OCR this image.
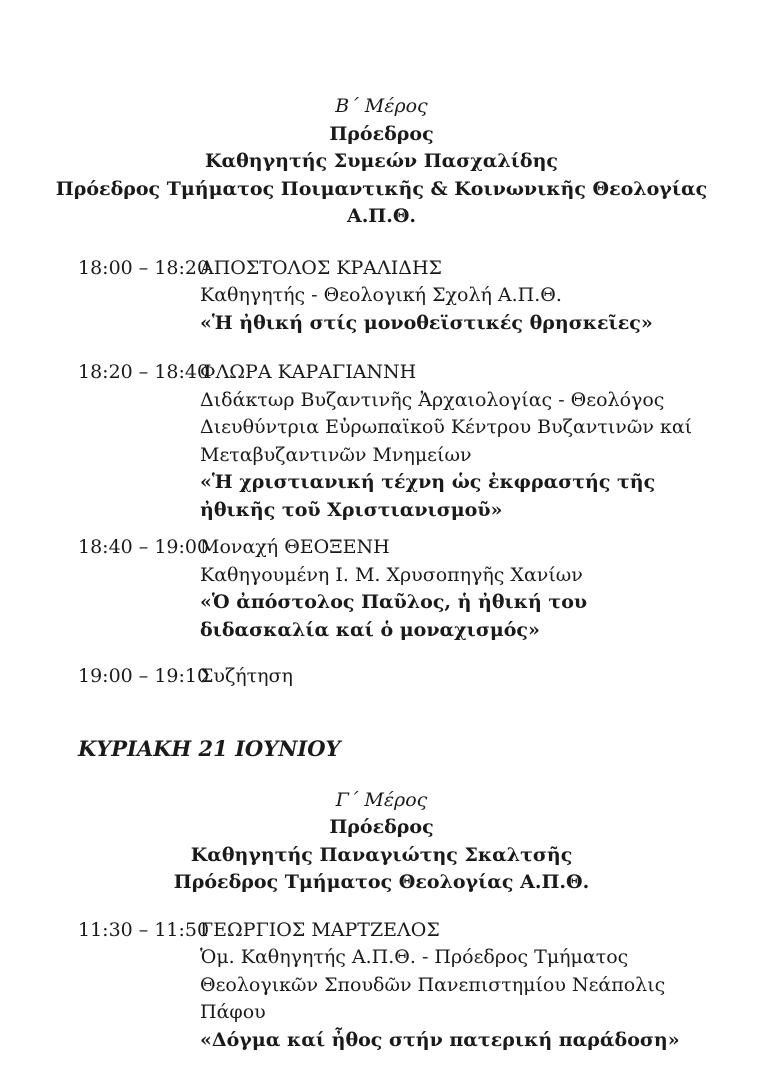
Β΄ Μέρος
Πρόεδρος
Καθηγητής Συμεών Πασχαλίδης
Πρόεδρος Τμήματος Ποιμαντικῆς & Κοινωνικῆς Θεολογίας Α.Π.Θ.
18:00 – 18:20
ΑΠΟΣΤΟΛΟΣ ΚΡΑΛΙΔΗΣ
Καθηγητής - Θεολογική Σχολή Α.Π.Θ.
«Ἡ ἠθική στίς μονοθεϊστικές θρησκεῖες»
18:20 – 18:40
ΦΛΩΡΑ ΚΑΡΑΓΙΑΝΝΗ
Διδάκτωρ Βυζαντινῆς Ἀρχαιολογίας - Θεολόγος
Διευθύντρια Εὐρωπαϊκοῦ Κέντρου Βυζαντινῶν καί
Μεταβυζαντινῶν Μνημείων
«Ἡ χριστιανική τέχνη ὡς ἐκφραστής τῆς ἠθικῆς τοῦ Χριστιανισμοῦ»
18:40 – 19:00
Μοναχή ΘΕΟΞΕΝΗ
Καθηγουμένη Ι. Μ. Χρυσοπηγῆς Χανίων
«Ὁ ἀπόστολος Παῦλος, ἡ ἠθική του διδασκαλία καί ὁ μοναχισμός»
19:00 – 19:10
Συζήτηση
ΚΥΡΙΑΚΗ 21 ΙΟΥΝΙΟΥ
Γ΄ Μέρος
Πρόεδρος
Καθηγητής Παναγιώτης Σκαλτσῆς
Πρόεδρος Τμήματος Θεολογίας Α.Π.Θ.
11:30 – 11:50
ΓΕΩΡΓΙΟΣ ΜΑΡΤΖΕΛΟΣ
Ὁμ. Καθηγητής Α.Π.Θ. - Πρόεδρος Τμήματος
Θεολογικῶν Σπουδῶν Πανεπιστημίου Νεάπολις Πάφου
«Δόγμα καί ἦθος στήν πατερική παράδοση»
